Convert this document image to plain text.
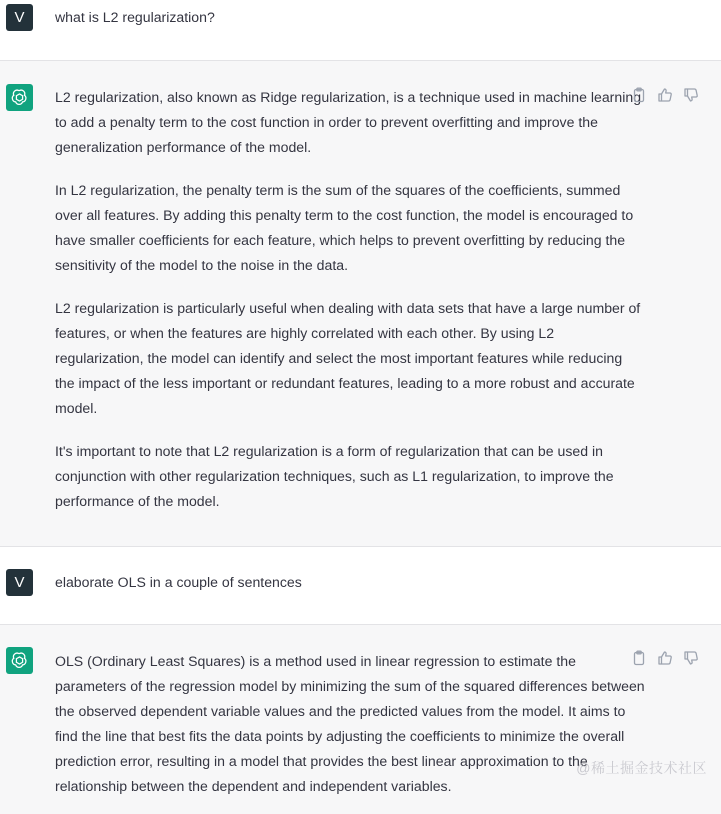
V	what is L2 regularization?

L2 regularization, also known as Ridge regularization, is a technique used in machine learning to add a penalty term to the cost function in order to prevent overfitting and improve the generalization performance of the model.

In L2 regularization, the penalty term is the sum of the squares of the coefficients, summed over all features. By adding this penalty term to the cost function, the model is encouraged to have smaller coefficients for each feature, which helps to prevent overfitting by reducing the sensitivity of the model to the noise in the data.

L2 regularization is particularly useful when dealing with data sets that have a large number of features, or when the features are highly correlated with each other. By using L2 regularization, the model can identify and select the most important features while reducing the impact of the less important or redundant features, leading to a more robust and accurate model.

It's important to note that L2 regularization is a form of regularization that can be used in conjunction with other regularization techniques, such as L1 regularization, to improve the performance of the model.

V	elaborate OLS in a couple of sentences

OLS (Ordinary Least Squares) is a method used in linear regression to estimate the parameters of the regression model by minimizing the sum of the squared differences between the observed dependent variable values and the predicted values from the model. It aims to find the line that best fits the data points by adjusting the coefficients to minimize the overall prediction error, resulting in a model that provides the best linear approximation to the relationship between the dependent and independent variables.

@稀土掘金技术社区
